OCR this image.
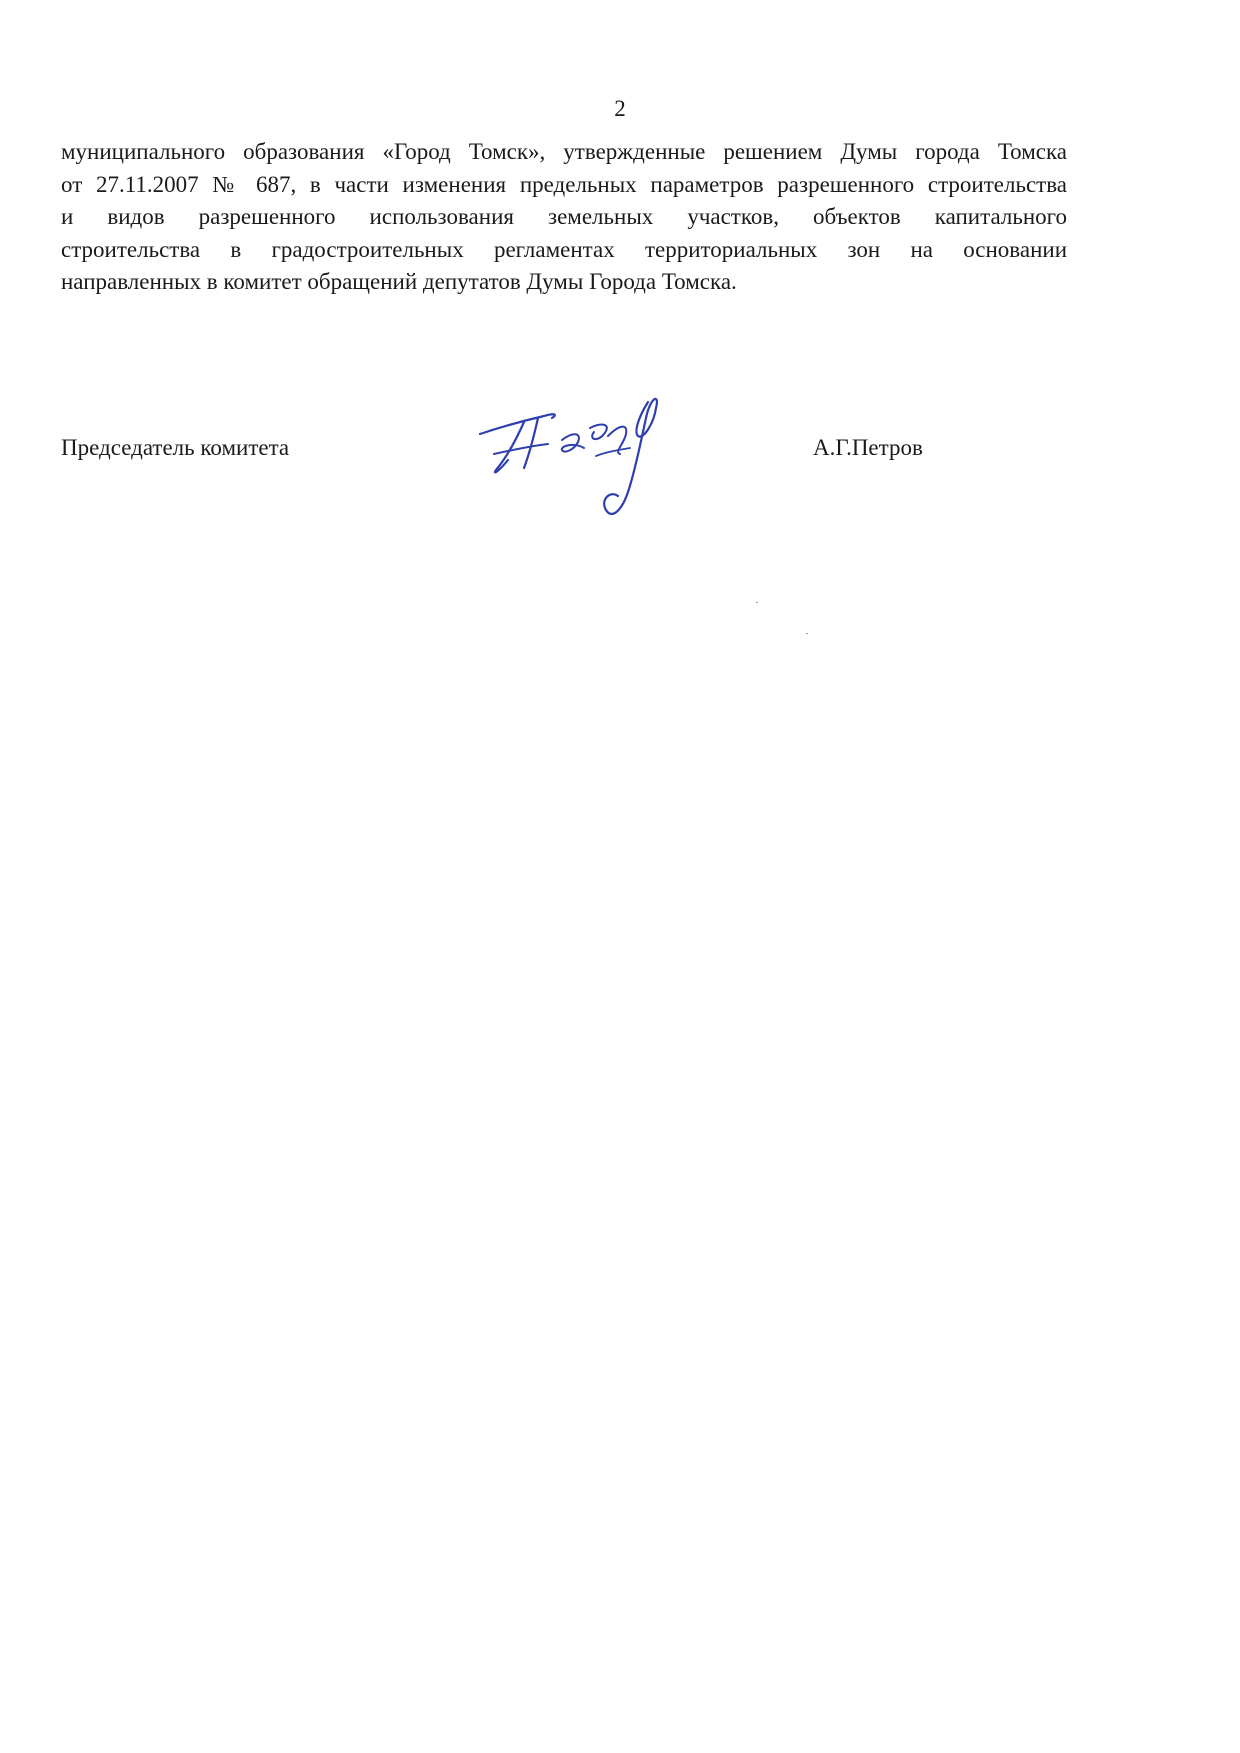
2

муниципального образования «Город Томск», утвержденные решением Думы города Томска
от 27.11.2007 № 687, в части изменения предельных параметров разрешенного строительства
и видов разрешенного использования земельных участков, объектов капитального
строительства в градостроительных регламентах территориальных зон на основании
направленных в комитет обращений депутатов Думы Города Томска.

Председатель комитета	А.Г.Петров
